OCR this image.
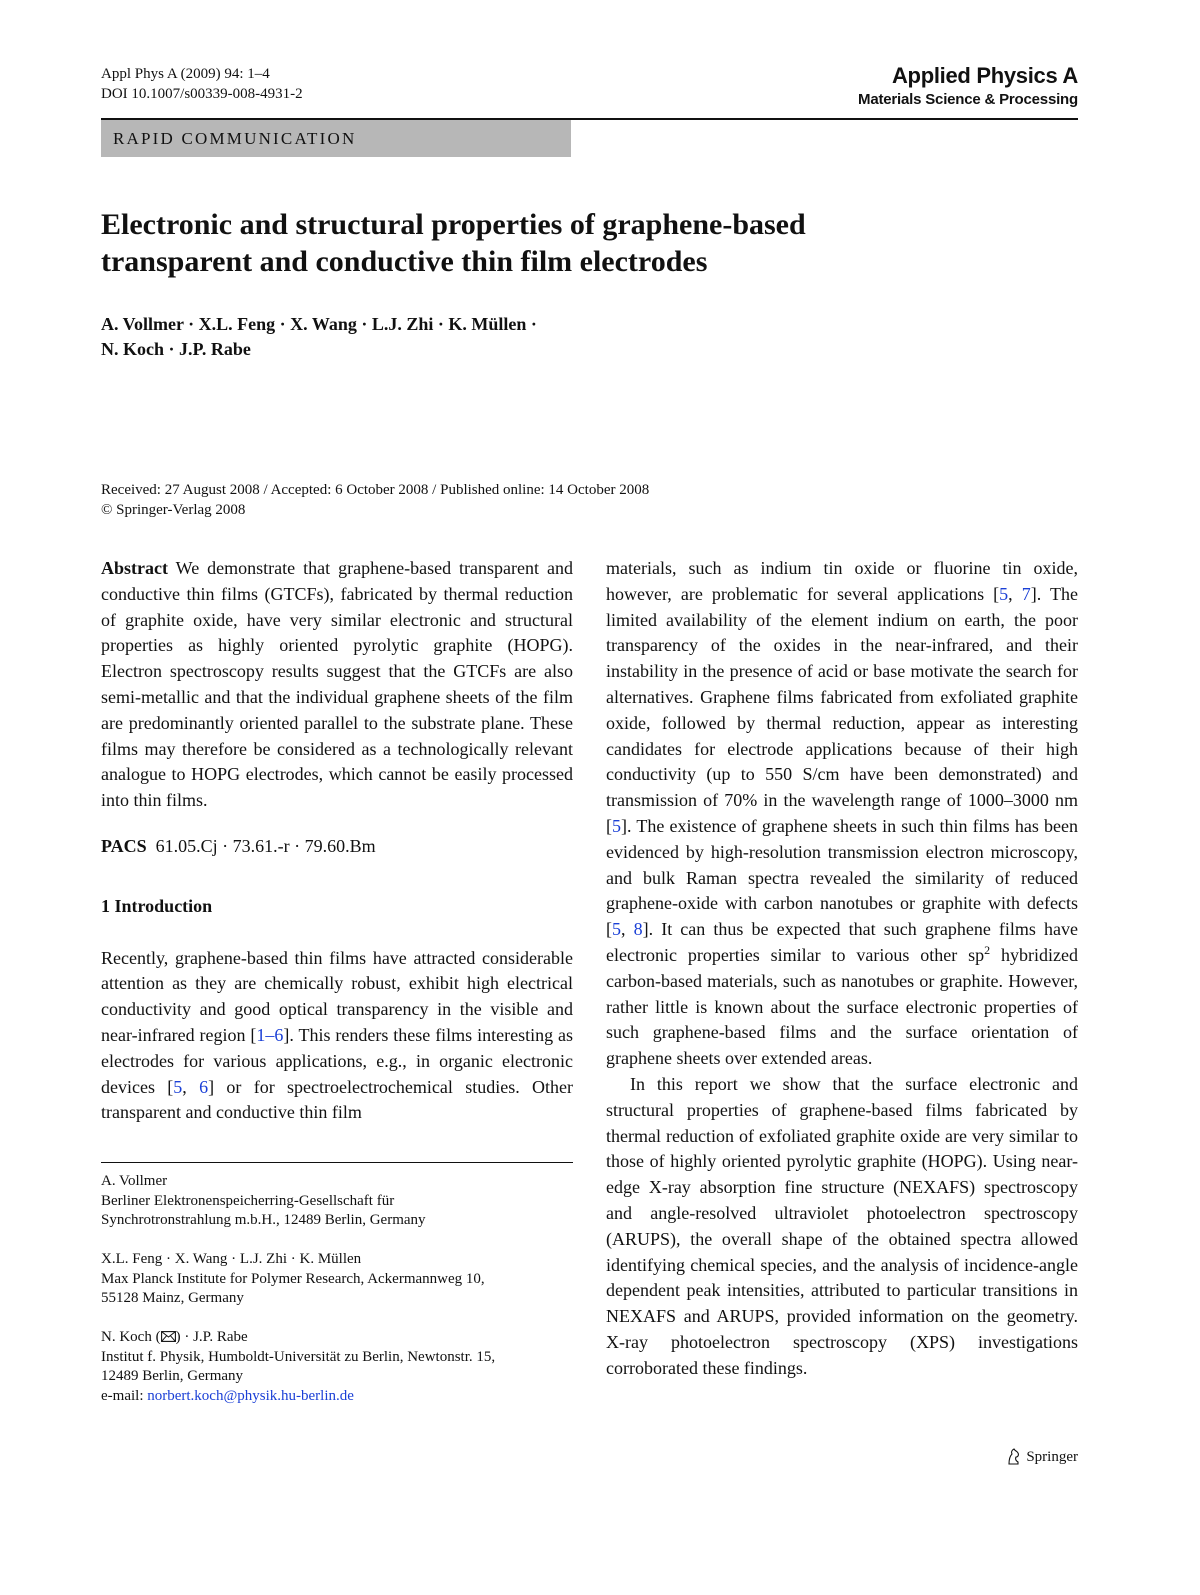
Appl Phys A (2009) 94: 1–4
DOI 10.1007/s00339-008-4931-2
Applied Physics A
Materials Science & Processing
RAPID COMMUNICATION
Electronic and structural properties of graphene-based transparent and conductive thin film electrodes
A. Vollmer · X.L. Feng · X. Wang · L.J. Zhi · K. Müllen ·
N. Koch · J.P. Rabe
Received: 27 August 2008 / Accepted: 6 October 2008 / Published online: 14 October 2008
© Springer-Verlag 2008

Abstract We demonstrate that graphene-based transparent and conductive thin films (GTCFs), fabricated by thermal reduction of graphite oxide, have very similar electronic and structural properties as highly oriented pyrolytic graphite (HOPG). Electron spectroscopy results suggest that the GTCFs are also semi-metallic and that the individual graphene sheets of the film are predominantly oriented parallel to the substrate plane. These films may therefore be considered as a technologically relevant analogue to HOPG electrodes, which cannot be easily processed into thin films.

PACS 61.05.Cj · 73.61.-r · 79.60.Bm

1 Introduction

Recently, graphene-based thin films have attracted considerable attention as they are chemically robust, exhibit high electrical conductivity and good optical transparency in the visible and near-infrared region [1–6]. This renders these films interesting as electrodes for various applications, e.g., in organic electronic devices [5, 6] or for spectroelectrochemical studies. Other transparent and conductive thin film

A. Vollmer
Berliner Elektronenspeicherring-Gesellschaft für
Synchrotronstrahlung m.b.H., 12489 Berlin, Germany
X.L. Feng · X. Wang · L.J. Zhi · K. Müllen
Max Planck Institute for Polymer Research, Ackermannweg 10,
55128 Mainz, Germany
N. Koch ( ) · J.P. Rabe
Institut f. Physik, Humboldt-Universität zu Berlin, Newtonstr. 15,
12489 Berlin, Germany
e-mail: norbert.koch@physik.hu-berlin.de

materials, such as indium tin oxide or fluorine tin oxide, however, are problematic for several applications [5, 7]. The limited availability of the element indium on earth, the poor transparency of the oxides in the near-infrared, and their instability in the presence of acid or base motivate the search for alternatives. Graphene films fabricated from exfoliated graphite oxide, followed by thermal reduction, appear as interesting candidates for electrode applications because of their high conductivity (up to 550 S/cm have been demonstrated) and transmission of 70% in the wavelength range of 1000–3000 nm [5]. The existence of graphene sheets in such thin films has been evidenced by high-resolution transmission electron microscopy, and bulk Raman spectra revealed the similarity of reduced graphene-oxide with carbon nanotubes or graphite with defects [5, 8]. It can thus be expected that such graphene films have electronic properties similar to various other $sp^2$ hybridized carbon-based materials, such as nanotubes or graphite. However, rather little is known about the surface electronic properties of such graphene-based films and the surface orientation of graphene sheets over extended areas.

In this report we show that the surface electronic and structural properties of graphene-based films fabricated by thermal reduction of exfoliated graphite oxide are very similar to those of highly oriented pyrolytic graphite (HOPG). Using near-edge X-ray absorption fine structure (NEXAFS) spectroscopy and angle-resolved ultraviolet photoelectron spectroscopy (ARUPS), the overall shape of the obtained spectra allowed identifying chemical species, and the analysis of incidence-angle dependent peak intensities, attributed to particular transitions in NEXAFS and ARUPS, provided information on the geometry. X-ray photoelectron spectroscopy (XPS) investigations corroborated these findings.

Springer
